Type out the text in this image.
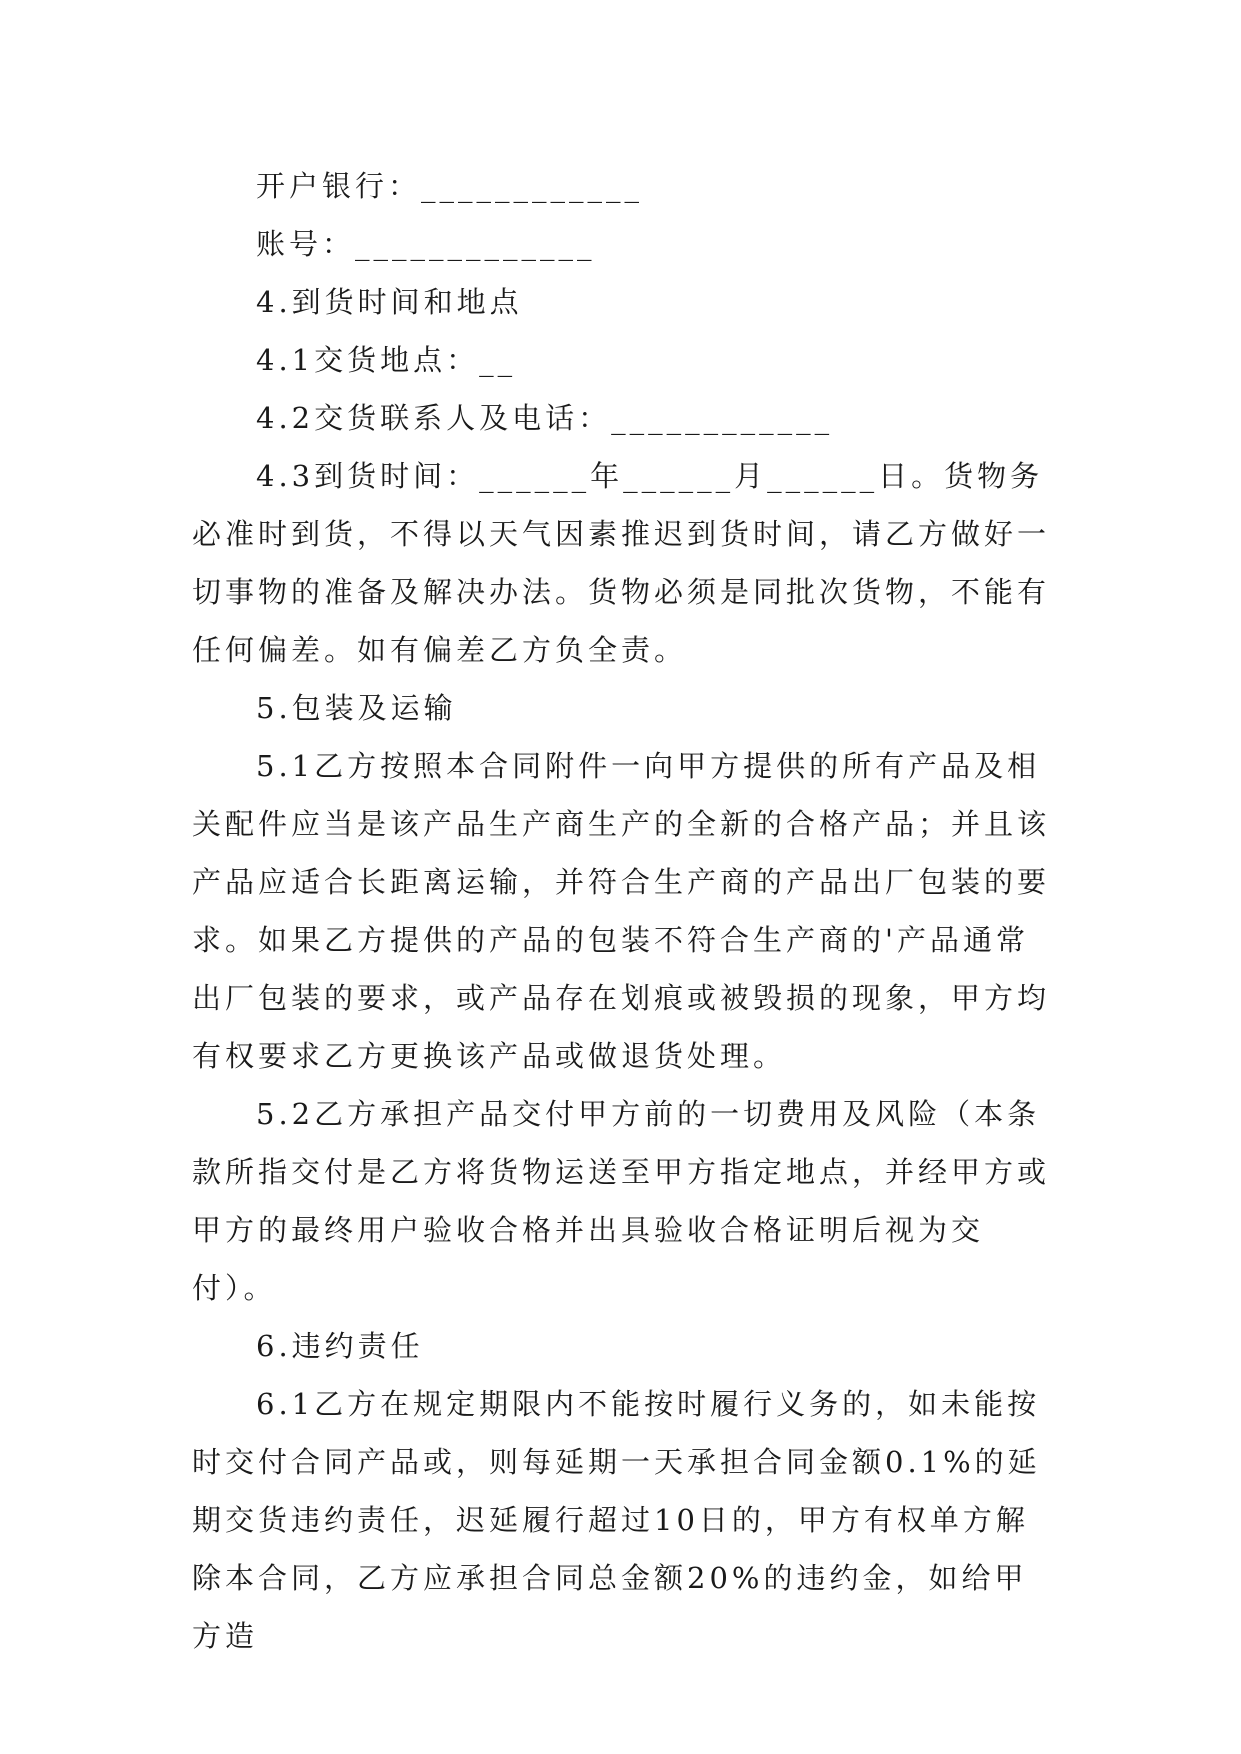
开户银行：____________

账号：_____________

4.到货时间和地点

4.1交货地点：__

4.2交货联系人及电话：____________

4.3到货时间：______年______月______日。货物务必准时到货，不得以天气因素推迟到货时间，请乙方做好一切事物的准备及解决办法。货物必须是同批次货物，不能有任何偏差。如有偏差乙方负全责。

5.包装及运输

5.1乙方按照本合同附件一向甲方提供的所有产品及相关配件应当是该产品生产商生产的全新的合格产品；并且该产品应适合长距离运输，并符合生产商的产品出厂包装的要求。如果乙方提供的产品的包装不符合生产商的'产品通常出厂包装的要求，或产品存在划痕或被毁损的现象，甲方均有权要求乙方更换该产品或做退货处理。

5.2乙方承担产品交付甲方前的一切费用及风险（本条款所指交付是乙方将货物运送至甲方指定地点，并经甲方或甲方的最终用户验收合格并出具验收合格证明后视为交付）。

6.违约责任

6.1乙方在规定期限内不能按时履行义务的，如未能按时交付合同产品或，则每延期一天承担合同金额0.1%的延期交货违约责任，迟延履行超过10日的，甲方有权单方解除本合同，乙方应承担合同总金额20%的违约金，如给甲方造
